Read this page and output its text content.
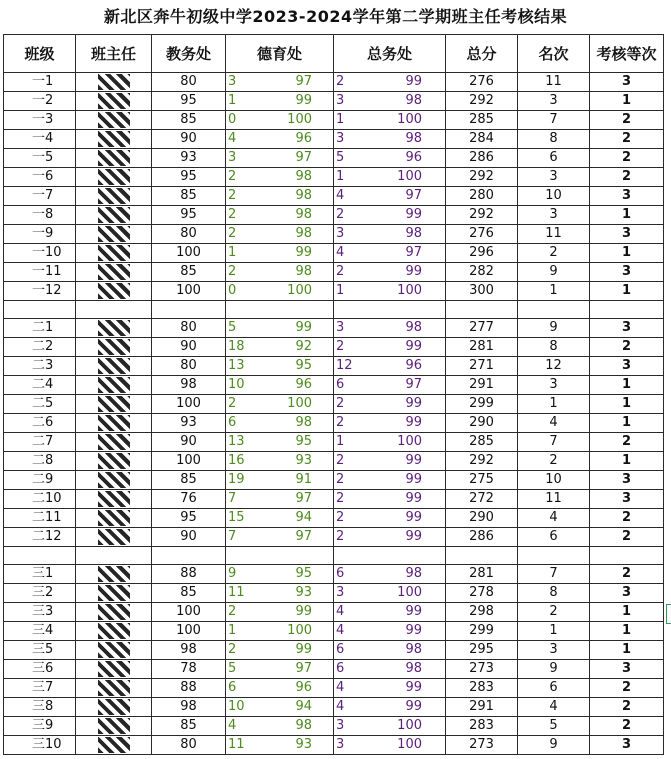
新北区奔牛初级中学2023-2024学年第二学期班主任考核结果
班级	班主任	教务处	德育处	总务处	总分	名次	考核等次
一1		80	3 97	2 99	276	11	3
一2		95	1 99	3 98	292	3	1
一3		85	0 100	1 100	285	7	2
一4		90	4 96	3 98	284	8	2
一5		93	3 97	5 96	286	6	2
一6		95	2 98	1 100	292	3	2
一7		85	2 98	4 97	280	10	3
一8		95	2 98	2 99	292	3	1
一9		80	2 98	3 98	276	11	3
一10		100	1 99	4 97	296	2	1
一11		85	2 98	2 99	282	9	3
一12		100	0 100	1 100	300	1	1

二1		80	5 99	3 98	277	9	3
二2		90	18 92	2 99	281	8	2
二3		80	13 95	12 96	271	12	3
二4		98	10 96	6 97	291	3	1
二5		100	2 100	2 99	299	1	1
二6		93	6 98	2 99	290	4	1
二7		90	13 95	1 100	285	7	2
二8		100	16 93	2 99	292	2	1
二9		85	19 91	2 99	275	10	3
二10		76	7 97	2 99	272	11	3
二11		95	15 94	2 99	290	4	2
二12		90	7 97	2 99	286	6	2

三1		88	9 95	6 98	281	7	2
三2		85	11 93	3 100	278	8	3
三3		100	2 99	4 99	298	2	1
三4		100	1 100	4 99	299	1	1
三5		98	2 99	6 98	295	3	1
三6		78	5 97	6 98	273	9	3
三7		88	6 96	4 99	283	6	2
三8		98	10 94	4 99	291	4	2
三9		85	4 98	3 100	283	5	2
三10		80	11 93	3 100	273	9	3
